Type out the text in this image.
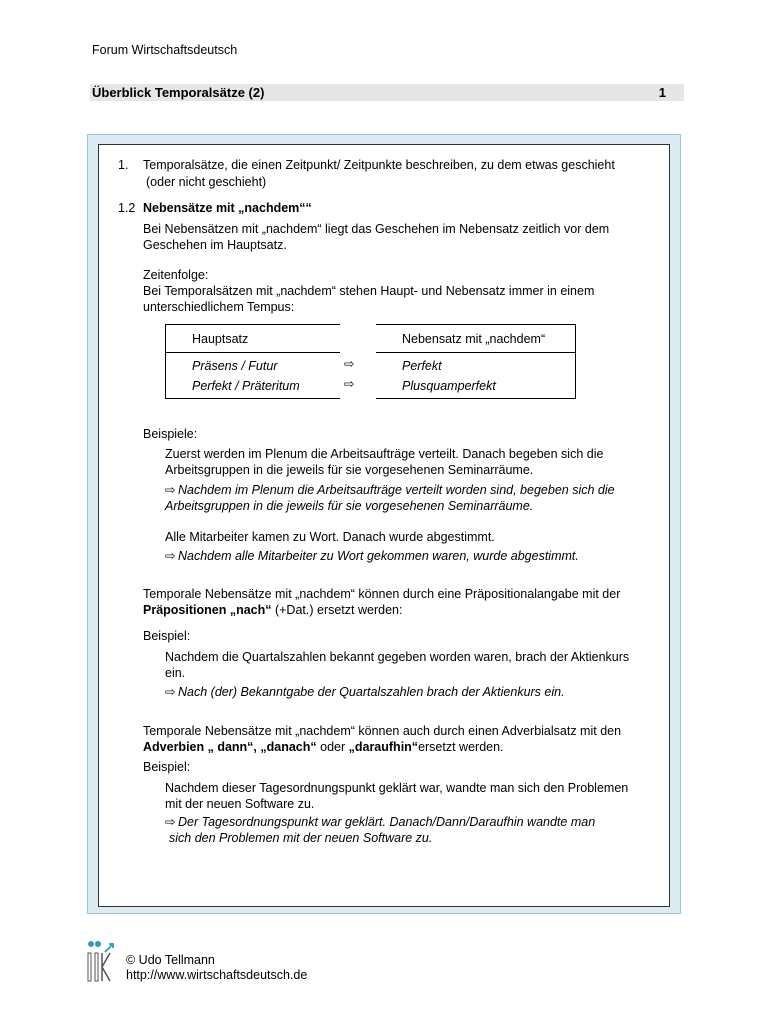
Forum Wirtschaftsdeutsch
Überblick Temporalsätze (2)	1
1. Temporalsätze, die einen Zeitpunkt/ Zeitpunkte beschreiben, zu dem etwas geschieht
(oder nicht geschieht)
1.2 Nebensätze mit „nachdem““
Bei Nebensätzen mit „nachdem“ liegt das Geschehen im Nebensatz zeitlich vor dem
Geschehen im Hauptsatz.
Zeitenfolge:
Bei Temporalsätzen mit „nachdem“ stehen Haupt- und Nebensatz immer in einem
unterschiedlichem Tempus:
Hauptsatz	Nebensatz mit „nachdem“
Präsens / Futur	⇨	Perfekt
Perfekt / Präteritum	⇨	Plusquamperfekt
Beispiele:
Zuerst werden im Plenum die Arbeitsaufträge verteilt. Danach begeben sich die
Arbeitsgruppen in die jeweils für sie vorgesehenen Seminarräume.
⇨ Nachdem im Plenum die Arbeitsaufträge verteilt worden sind, begeben sich die
Arbeitsgruppen in die jeweils für sie vorgesehenen Seminarräume.
Alle Mitarbeiter kamen zu Wort. Danach wurde abgestimmt.
⇨ Nachdem alle Mitarbeiter zu Wort gekommen waren, wurde abgestimmt.
Temporale Nebensätze mit „nachdem“ können durch eine Präpositionalangabe mit der
Präpositionen „nach“ (+Dat.) ersetzt werden:
Beispiel:
Nachdem die Quartalszahlen bekannt gegeben worden waren, brach der Aktienkurs
ein.
⇨ Nach (der) Bekanntgabe der Quartalszahlen brach der Aktienkurs ein.
Temporale Nebensätze mit „nachdem“ können auch durch einen Adverbialsatz mit den
Adverbien „ dann“, „danach“ oder „daraufhin“ersetzt werden.
Beispiel:
Nachdem dieser Tagesordnungspunkt geklärt war, wandte man sich den Problemen
mit der neuen Software zu.
⇨ Der Tagesordnungspunkt war geklärt. Danach/Dann/Daraufhin wandte man
sich den Problemen mit der neuen Software zu.
© Udo Tellmann
http://www.wirtschaftsdeutsch.de
